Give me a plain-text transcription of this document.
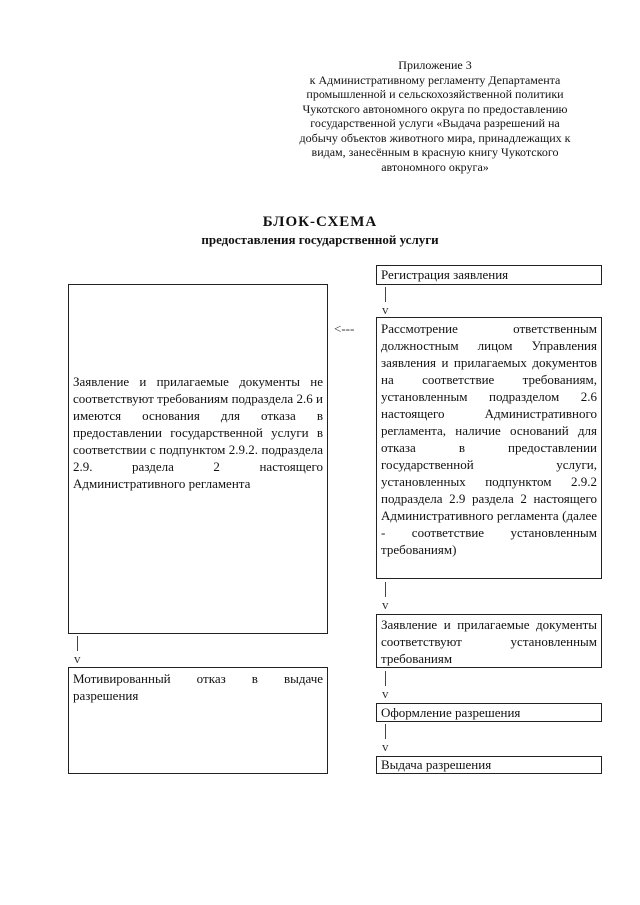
Приложение 3
к Административному регламенту Департамента
промышленной и сельскохозяйственной политики
Чукотского автономного округа по предоставлению
государственной услуги «Выдача разрешений на
добычу объектов животного мира, принадлежащих к
видам, занесённым в красную книгу Чукотского
автономного округа»
БЛОК-СХЕМА
предоставления государственной услуги
Регистрация заявления
v
Рассмотрение ответственным должностным лицом Управления заявления и прилагаемых документов на соответствие требованиям, установленным подразделом 2.6 настоящего Административного регламента, наличие оснований для отказа в предоставлении государственной услуги, установленных подпунктом 2.9.2 подраздела 2.9 раздела 2 настоящего Административного регламента (далее - соответствие установленным требованиям)
<---
v
Заявление и прилагаемые документы соответствуют установленным требованиям
v
Оформление разрешения
v
Выдача разрешения
Заявление и прилагаемые документы не соответствуют требованиям подраздела 2.6 и имеются основания для отказа в предоставлении государственной услуги в соответствии с подпунктом 2.9.2. подраздела 2.9. раздела 2 настоящего Административного регламента
v
Мотивированный отказ в выдаче разрешения
